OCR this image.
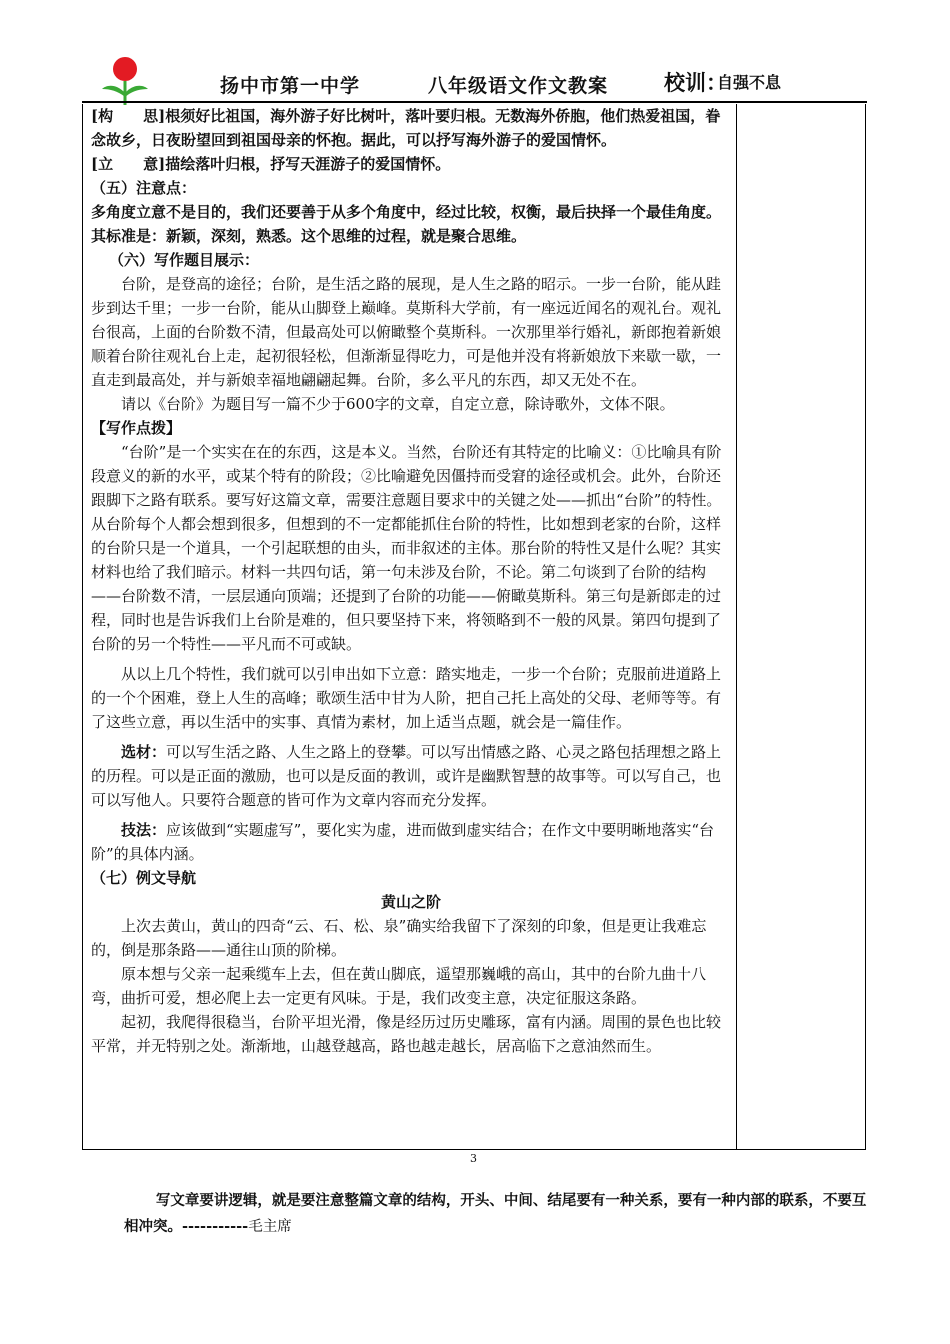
扬中市第一中学	八年级语文作文教案	校训：
自强不息

[构　　思]根须好比祖国，海外游子好比树叶，落叶要归根。无数海外侨胞，他们热爱祖国，眷念故乡，日夜盼望回到祖国母亲的怀抱。据此，可以抒写海外游子的爱国情怀。

[立　　意]描绘落叶归根，抒写天涯游子的爱国情怀。

（五）注意点：

多角度立意不是目的，我们还要善于从多个角度中，经过比较，权衡，最后抉择一个最佳角度。其标准是：新颖，深刻，熟悉。这个思维的过程，就是聚合思维。

（六）写作题目展示：

台阶，是登高的途径；台阶，是生活之路的展现，是人生之路的昭示。一步一台阶，能从跬步到达千里；一步一台阶，能从山脚登上巅峰。莫斯科大学前，有一座远近闻名的观礼台。观礼台很高，上面的台阶数不清，但最高处可以俯瞰整个莫斯科。一次那里举行婚礼，新郎抱着新娘顺着台阶往观礼台上走，起初很轻松，但渐渐显得吃力，可是他并没有将新娘放下来歇一歇，一直走到最高处，并与新娘幸福地翩翩起舞。台阶，多么平凡的东西，却又无处不在。

请以《台阶》为题目写一篇不少于600字的文章，自定立意，除诗歌外，文体不限。

【写作点拨】

“台阶”是一个实实在在的东西，这是本义。当然，台阶还有其特定的比喻义：①比喻具有阶段意义的新的水平，或某个特有的阶段；②比喻避免因僵持而受窘的途径或机会。此外，台阶还跟脚下之路有联系。要写好这篇文章，需要注意题目要求中的关键之处——抓出“台阶”的特性。从台阶每个人都会想到很多，但想到的不一定都能抓住台阶的特性，比如想到老家的台阶，这样的台阶只是一个道具，一个引起联想的由头，而非叙述的主体。那台阶的特性又是什么呢？其实材料也给了我们暗示。材料一共四句话，第一句未涉及台阶，不论。第二句谈到了台阶的结构——台阶数不清，一层层通向顶端；还提到了台阶的功能——俯瞰莫斯科。第三句是新郎走的过程，同时也是告诉我们上台阶是难的，但只要坚持下来，将领略到不一般的风景。第四句提到了台阶的另一个特性——平凡而不可或缺。

从以上几个特性，我们就可以引申出如下立意：踏实地走，一步一个台阶；克服前进道路上的一个个困难，登上人生的高峰；歌颂生活中甘为人阶，把自己托上高处的父母、老师等等。有了这些立意，再以生活中的实事、真情为素材，加上适当点题，就会是一篇佳作。

选材：可以写生活之路、人生之路上的登攀。可以写出情感之路、心灵之路包括理想之路上的历程。可以是正面的激励，也可以是反面的教训，或许是幽默智慧的故事等。可以写自己，也可以写他人。只要符合题意的皆可作为文章内容而充分发挥。

技法：应该做到“实题虚写”，要化实为虚，进而做到虚实结合；在作文中要明晰地落实“台阶”的具体内涵。

（七）例文导航

黄山之阶

上次去黄山，黄山的四奇“云、石、松、泉”确实给我留下了深刻的印象，但是更让我难忘的，倒是那条路——通往山顶的阶梯。

原本想与父亲一起乘缆车上去，但在黄山脚底，遥望那巍峨的高山，其中的台阶九曲十八弯，曲折可爱，想必爬上去一定更有风味。于是，我们改变主意，决定征服这条路。

起初，我爬得很稳当，台阶平坦光滑，像是经历过历史雕琢，富有内涵。周围的景色也比较平常，并无特别之处。渐渐地，山越登越高，路也越走越长，居高临下之意油然而生。

3
写文章要讲逻辑，就是要注意整篇文章的结构，开头、中间、结尾要有一种关系，要有一种内部的联系，不要互相冲突。-----------毛主席
